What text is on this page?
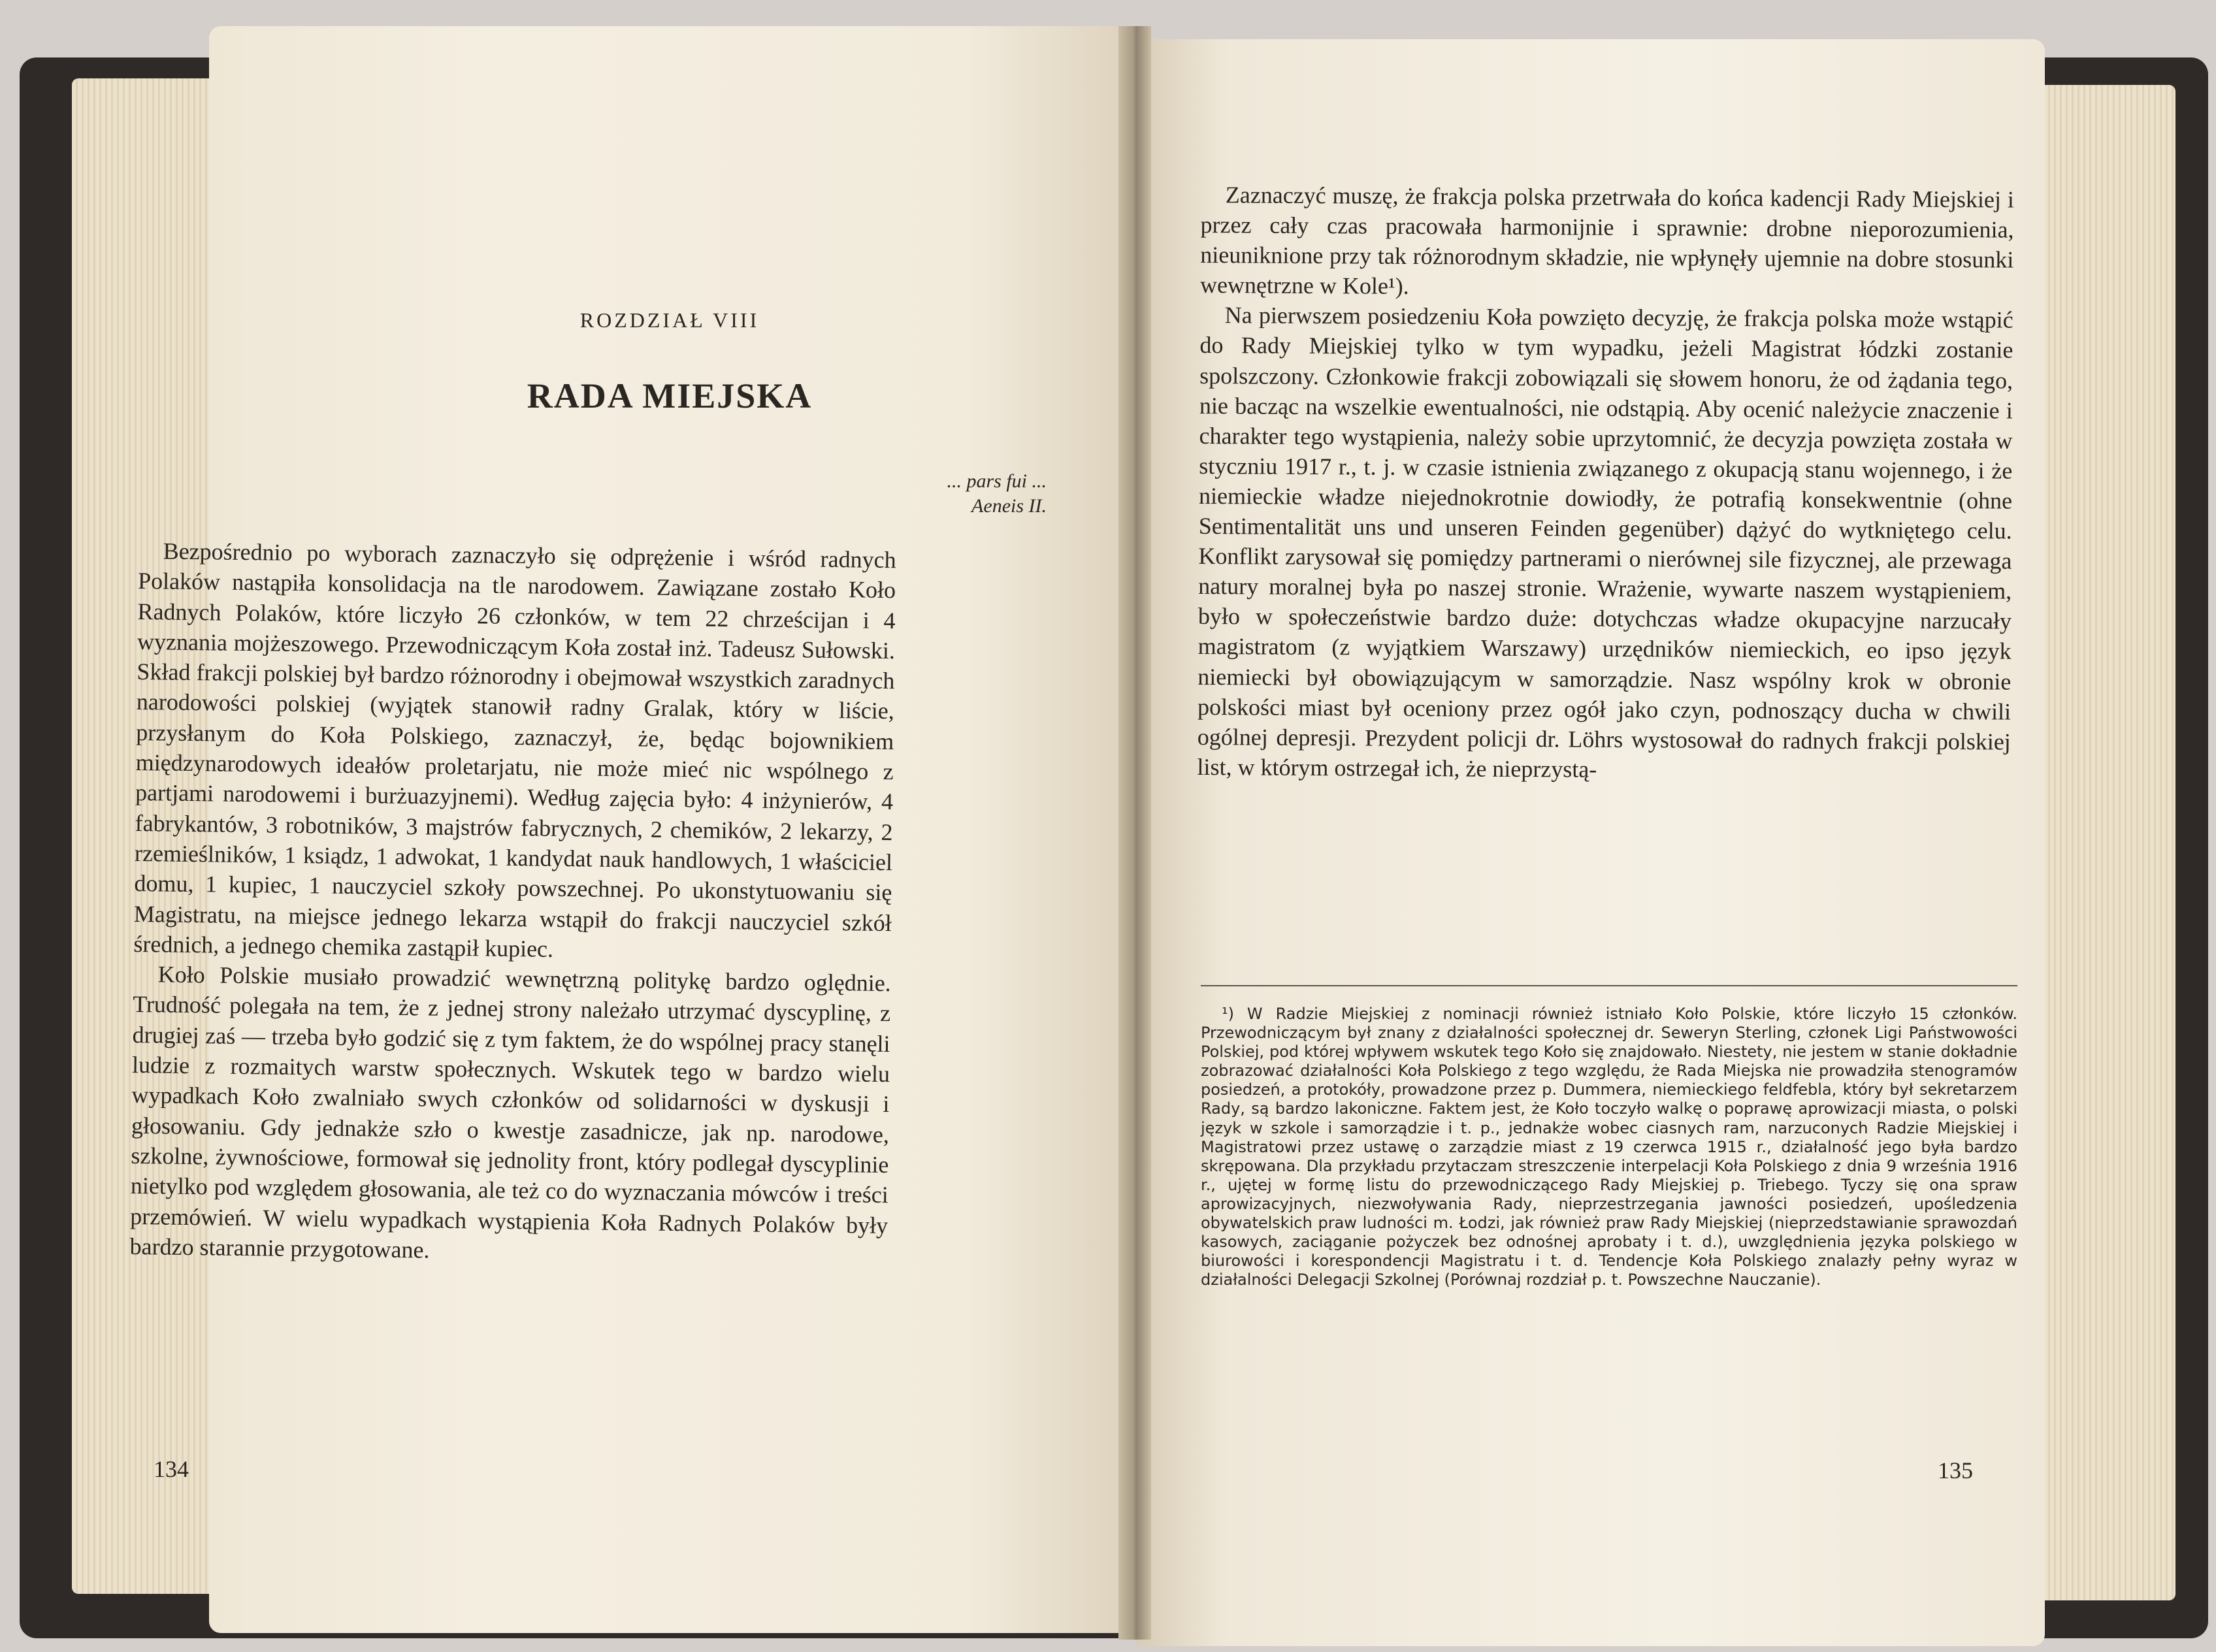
ROZDZIAŁ VIII
RADA MIEJSKA
... pars fui ...
Aeneis II.

Bezpośrednio po wyborach zaznaczyło się odprężenie i wśród radnych Polaków nastąpiła konsolidacja na tle narodowem. Zawiązane zostało Koło Radnych Polaków, które liczyło 26 członków, w tem 22 chrześcijan i 4 wyznania mojżeszowego. Przewodniczącym Koła został inż. Tadeusz Sułowski. Skład frakcji polskiej był bardzo różnorodny i obejmował wszystkich zaradnych narodowości polskiej (wyjątek stanowił radny Gralak, który w liście, przysłanym do Koła Polskiego, zaznaczył, że, będąc bojownikiem międzynarodowych ideałów proletarjatu, nie może mieć nic wspólnego z partjami narodowemi i burżuazyjnemi). Według zajęcia było: 4 inżynierów, 4 fabrykantów, 3 robotników, 3 majstrów fabrycznych, 2 chemików, 2 lekarzy, 2 rzemieślników, 1 ksiądz, 1 adwokat, 1 kandydat nauk handlowych, 1 właściciel domu, 1 kupiec, 1 nauczyciel szkoły powszechnej. Po ukonstytuowaniu się Magistratu, na miejsce jednego lekarza wstąpił do frakcji nauczyciel szkół średnich, a jednego chemika zastąpił kupiec.

Koło Polskie musiało prowadzić wewnętrzną politykę bardzo oględnie. Trudność polegała na tem, że z jednej strony należało utrzymać dyscyplinę, z drugiej zaś — trzeba było godzić się z tym faktem, że do wspólnej pracy stanęli ludzie z rozmaitych warstw społecznych. Wskutek tego w bardzo wielu wypadkach Koło zwalniało swych członków od solidarności w dyskusji i głosowaniu. Gdy jednakże szło o kwestje zasadnicze, jak np. narodowe, szkolne, żywnościowe, formował się jednolity front, który podlegał dyscyplinie nietylko pod względem głosowania, ale też co do wyznaczania mówców i treści przemówień. W wielu wypadkach wystąpienia Koła Radnych Polaków były bardzo starannie przygotowane.

134

Zaznaczyć muszę, że frakcja polska przetrwała do końca kadencji Rady Miejskiej i przez cały czas pracowała harmonijnie i sprawnie: drobne nieporozumienia, nieuniknione przy tak różnorodnym składzie, nie wpłynęły ujemnie na dobre stosunki wewnętrzne w Kole¹).

Na pierwszem posiedzeniu Koła powzięto decyzję, że frakcja polska może wstąpić do Rady Miejskiej tylko w tym wypadku, jeżeli Magistrat łódzki zostanie spolszczony. Członkowie frakcji zobowiązali się słowem honoru, że od żądania tego, nie bacząc na wszelkie ewentualności, nie odstąpią. Aby ocenić należycie znaczenie i charakter tego wystąpienia, należy sobie uprzytomnić, że decyzja powzięta została w styczniu 1917 r., t. j. w czasie istnienia związanego z okupacją stanu wojennego, i że niemieckie władze niejednokrotnie dowiodły, że potrafią konsekwentnie (ohne Sentimentalität uns und unseren Feinden gegenüber) dążyć do wytkniętego celu. Konflikt zarysował się pomiędzy partnerami o nierównej sile fizycznej, ale przewaga natury moralnej była po naszej stronie. Wrażenie, wywarte naszem wystąpieniem, było w społeczeństwie bardzo duże: dotychczas władze okupacyjne narzucały magistratom (z wyjątkiem Warszawy) urzędników niemieckich, eo ipso język niemiecki był obowiązującym w samorządzie. Nasz wspólny krok w obronie polskości miast był oceniony przez ogół jako czyn, podnoszący ducha w chwili ogólnej depresji. Prezydent policji dr. Löhrs wystosował do radnych frakcji polskiej list, w którym ostrzegał ich, że nieprzystą-

¹) W Radzie Miejskiej z nominacji również istniało Koło Polskie, które liczyło 15 członków. Przewodniczącym był znany z działalności społecznej dr. Seweryn Sterling, członek Ligi Państwowości Polskiej, pod której wpływem wskutek tego Koło się znajdowało. Niestety, nie jestem w stanie dokładnie zobrazować działalności Koła Polskiego z tego względu, że Rada Miejska nie prowadziła stenogramów posiedzeń, a protokóły, prowadzone przez p. Dummera, niemieckiego feldfebla, który był sekretarzem Rady, są bardzo lakoniczne. Faktem jest, że Koło toczyło walkę o poprawę aprowizacji miasta, o polski język w szkole i samorządzie i t. p., jednakże wobec ciasnych ram, narzuconych Radzie Miejskiej i Magistratowi przez ustawę o zarządzie miast z 19 czerwca 1915 r., działalność jego była bardzo skrępowana. Dla przykładu przytaczam streszczenie interpelacji Koła Polskiego z dnia 9 września 1916 r., ujętej w formę listu do przewodniczącego Rady Miejskiej p. Triebego. Tyczy się ona spraw aprowizacyjnych, niezwoływania Rady, nieprzestrzegania jawności posiedzeń, upośledzenia obywatelskich praw ludności m. Łodzi, jak również praw Rady Miejskiej (nieprzedstawianie sprawozdań kasowych, zaciąganie pożyczek bez odnośnej aprobaty i t. d.), uwzględnienia języka polskiego w biurowości i korespondencji Magistratu i t. d. Tendencje Koła Polskiego znalazły pełny wyraz w działalności Delegacji Szkolnej (Porównaj rozdział p. t. Powszechne Nauczanie).
135
